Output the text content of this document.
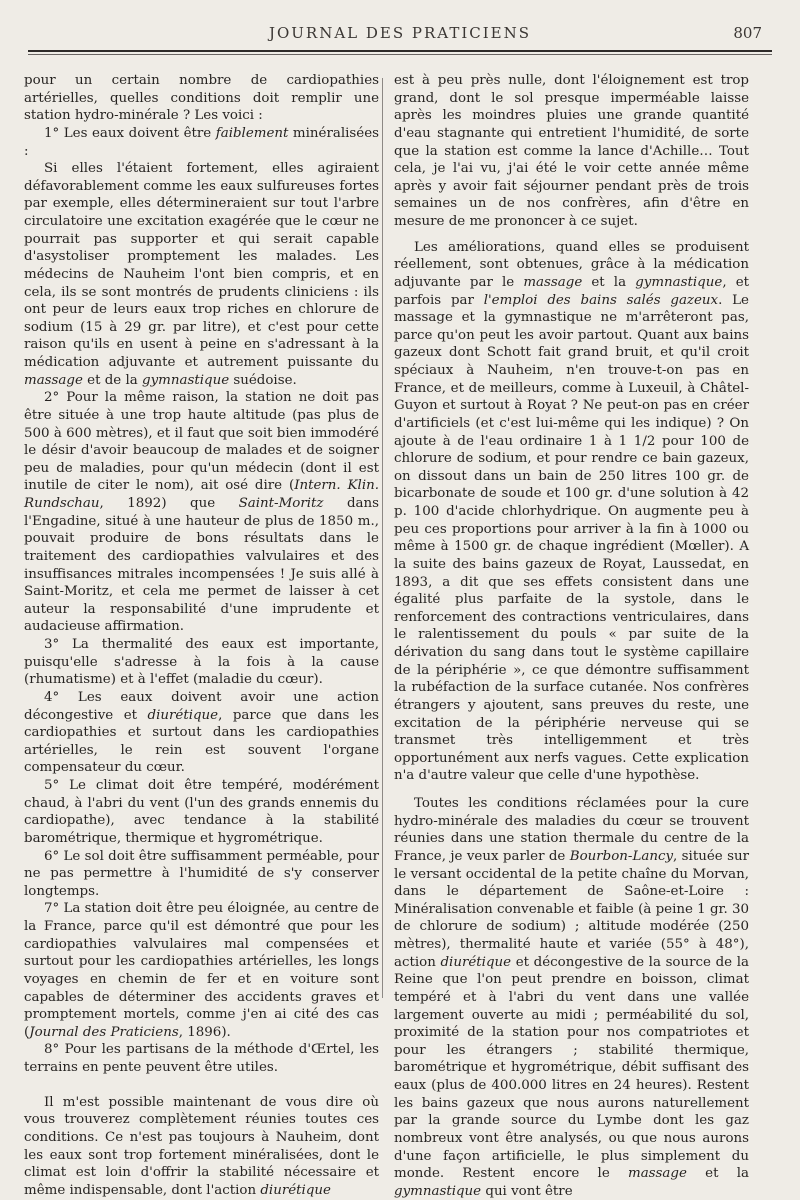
JOURNAL DES PRATICIENS	807

pour un certain nombre de cardiopathies artérielles, quelles conditions doit remplir une station hydro-minérale ? Les voici :

1° Les eaux doivent être faiblement minéralisées :

Si elles l'étaient fortement, elles agiraient défavorablement comme les eaux sulfureuses fortes par exemple, elles détermineraient sur tout l'arbre circulatoire une excitation exagérée que le cœur ne pourrait pas supporter et qui serait capable d'asystoliser promptement les malades. Les médecins de Nauheim l'ont bien compris, et en cela, ils se sont montrés de prudents cliniciens : ils ont peur de leurs eaux trop riches en chlorure de sodium (15 à 29 gr. par litre), et c'est pour cette raison qu'ils en usent à peine en s'adressant à la médication adjuvante et autrement puissante du massage et de la gymnastique suédoise.

2° Pour la même raison, la station ne doit pas être située à une trop haute altitude (pas plus de 500 à 600 mètres), et il faut que soit bien immodéré le désir d'avoir beaucoup de malades et de soigner peu de maladies, pour qu'un médecin (dont il est inutile de citer le nom), ait osé dire (Intern. Klin. Rundschau, 1892) que Saint-Moritz dans l'Engadine, situé à une hauteur de plus de 1850 m., pouvait produire de bons résultats dans le traitement des cardiopathies valvulaires et des insuffisances mitrales incompensées ! Je suis allé à Saint-Moritz, et cela me permet de laisser à cet auteur la responsabilité d'une imprudente et audacieuse affirmation.

3° La thermalité des eaux est importante, puisqu'elle s'adresse à la fois à la cause (rhumatisme) et à l'effet (maladie du cœur).

4° Les eaux doivent avoir une action décongestive et diurétique, parce que dans les cardiopathies et surtout dans les cardiopathies artérielles, le rein est souvent l'organe compensateur du cœur.

5° Le climat doit être tempéré, modérément chaud, à l'abri du vent (l'un des grands ennemis du cardiopathe), avec tendance à la stabilité barométrique, thermique et hygrométrique.

6° Le sol doit être suffisamment perméable, pour ne pas permettre à l'humidité de s'y conserver longtemps.

7° La station doit être peu éloignée, au centre de la France, parce qu'il est démontré que pour les cardiopathies valvulaires mal compensées et surtout pour les cardiopathies artérielles, les longs voyages en chemin de fer et en voiture sont capables de déterminer des accidents graves et promptement mortels, comme j'en ai cité des cas (Journal des Praticiens, 1896).

8° Pour les partisans de la méthode d'Œrtel, les terrains en pente peuvent être utiles.

Il m'est possible maintenant de vous dire où vous trouverez complètement réunies toutes ces conditions. Ce n'est pas toujours à Nauheim, dont les eaux sont trop fortement minéralisées, dont le climat est loin d'offrir la stabilité nécessaire et même indispensable, dont l'action diurétique

est à peu près nulle, dont l'éloignement est trop grand, dont le sol presque imperméable laisse après les moindres pluies une grande quantité d'eau stagnante qui entretient l'humidité, de sorte que la station est comme la lance d'Achille… Tout cela, je l'ai vu, j'ai été le voir cette année même après y avoir fait séjourner pendant près de trois semaines un de nos confrères, afin d'être en mesure de me prononcer à ce sujet.

Les améliorations, quand elles se produisent réellement, sont obtenues, grâce à la médication adjuvante par le massage et la gymnastique, et parfois par l'emploi des bains salés gazeux. Le massage et la gymnastique ne m'arrêteront pas, parce qu'on peut les avoir partout. Quant aux bains gazeux dont Schott fait grand bruit, et qu'il croit spéciaux à Nauheim, n'en trouve-t-on pas en France, et de meilleurs, comme à Luxeuil, à Châtel-Guyon et surtout à Royat ? Ne peut-on pas en créer d'artificiels (et c'est lui-même qui les indique) ? On ajoute à de l'eau ordinaire 1 à 1 1/2 pour 100 de chlorure de sodium, et pour rendre ce bain gazeux, on dissout dans un bain de 250 litres 100 gr. de bicarbonate de soude et 100 gr. d'une solution à 42 p. 100 d'acide chlorhydrique. On augmente peu à peu ces proportions pour arriver à la fin à 1000 ou même à 1500 gr. de chaque ingrédient (Mœller). A la suite des bains gazeux de Royat, Laussedat, en 1893, a dit que ses effets consistent dans une égalité plus parfaite de la systole, dans le renforcement des contractions ventriculaires, dans le ralentissement du pouls « par suite de la dérivation du sang dans tout le système capillaire de la périphérie », ce que démontre suffisamment la rubéfaction de la surface cutanée. Nos confrères étrangers y ajoutent, sans preuves du reste, une excitation de la périphérie nerveuse qui se transmet très intelligemment et très opportunément aux nerfs vagues. Cette explication n'a d'autre valeur que celle d'une hypothèse.

Toutes les conditions réclamées pour la cure hydro-minérale des maladies du cœur se trouvent réunies dans une station thermale du centre de la France, je veux parler de Bourbon-Lancy, située sur le versant occidental de la petite chaîne du Morvan, dans le département de Saône-et-Loire : Minéralisation convenable et faible (à peine 1 gr. 30 de chlorure de sodium) ; altitude modérée (250 mètres), thermalité haute et variée (55° à 48°), action diurétique et décongestive de la source de la Reine que l'on peut prendre en boisson, climat tempéré et à l'abri du vent dans une vallée largement ouverte au midi ; perméabilité du sol, proximité de la station pour nos compatriotes et pour les étrangers ; stabilité thermique, barométrique et hygrométrique, débit suffisant des eaux (plus de 400.000 litres en 24 heures). Restent les bains gazeux que nous aurons naturellement par la grande source du Lymbe dont les gaz nombreux vont être analysés, ou que nous aurons d'une façon artificielle, le plus simplement du monde. Restent encore le massage et la gymnastique qui vont être
